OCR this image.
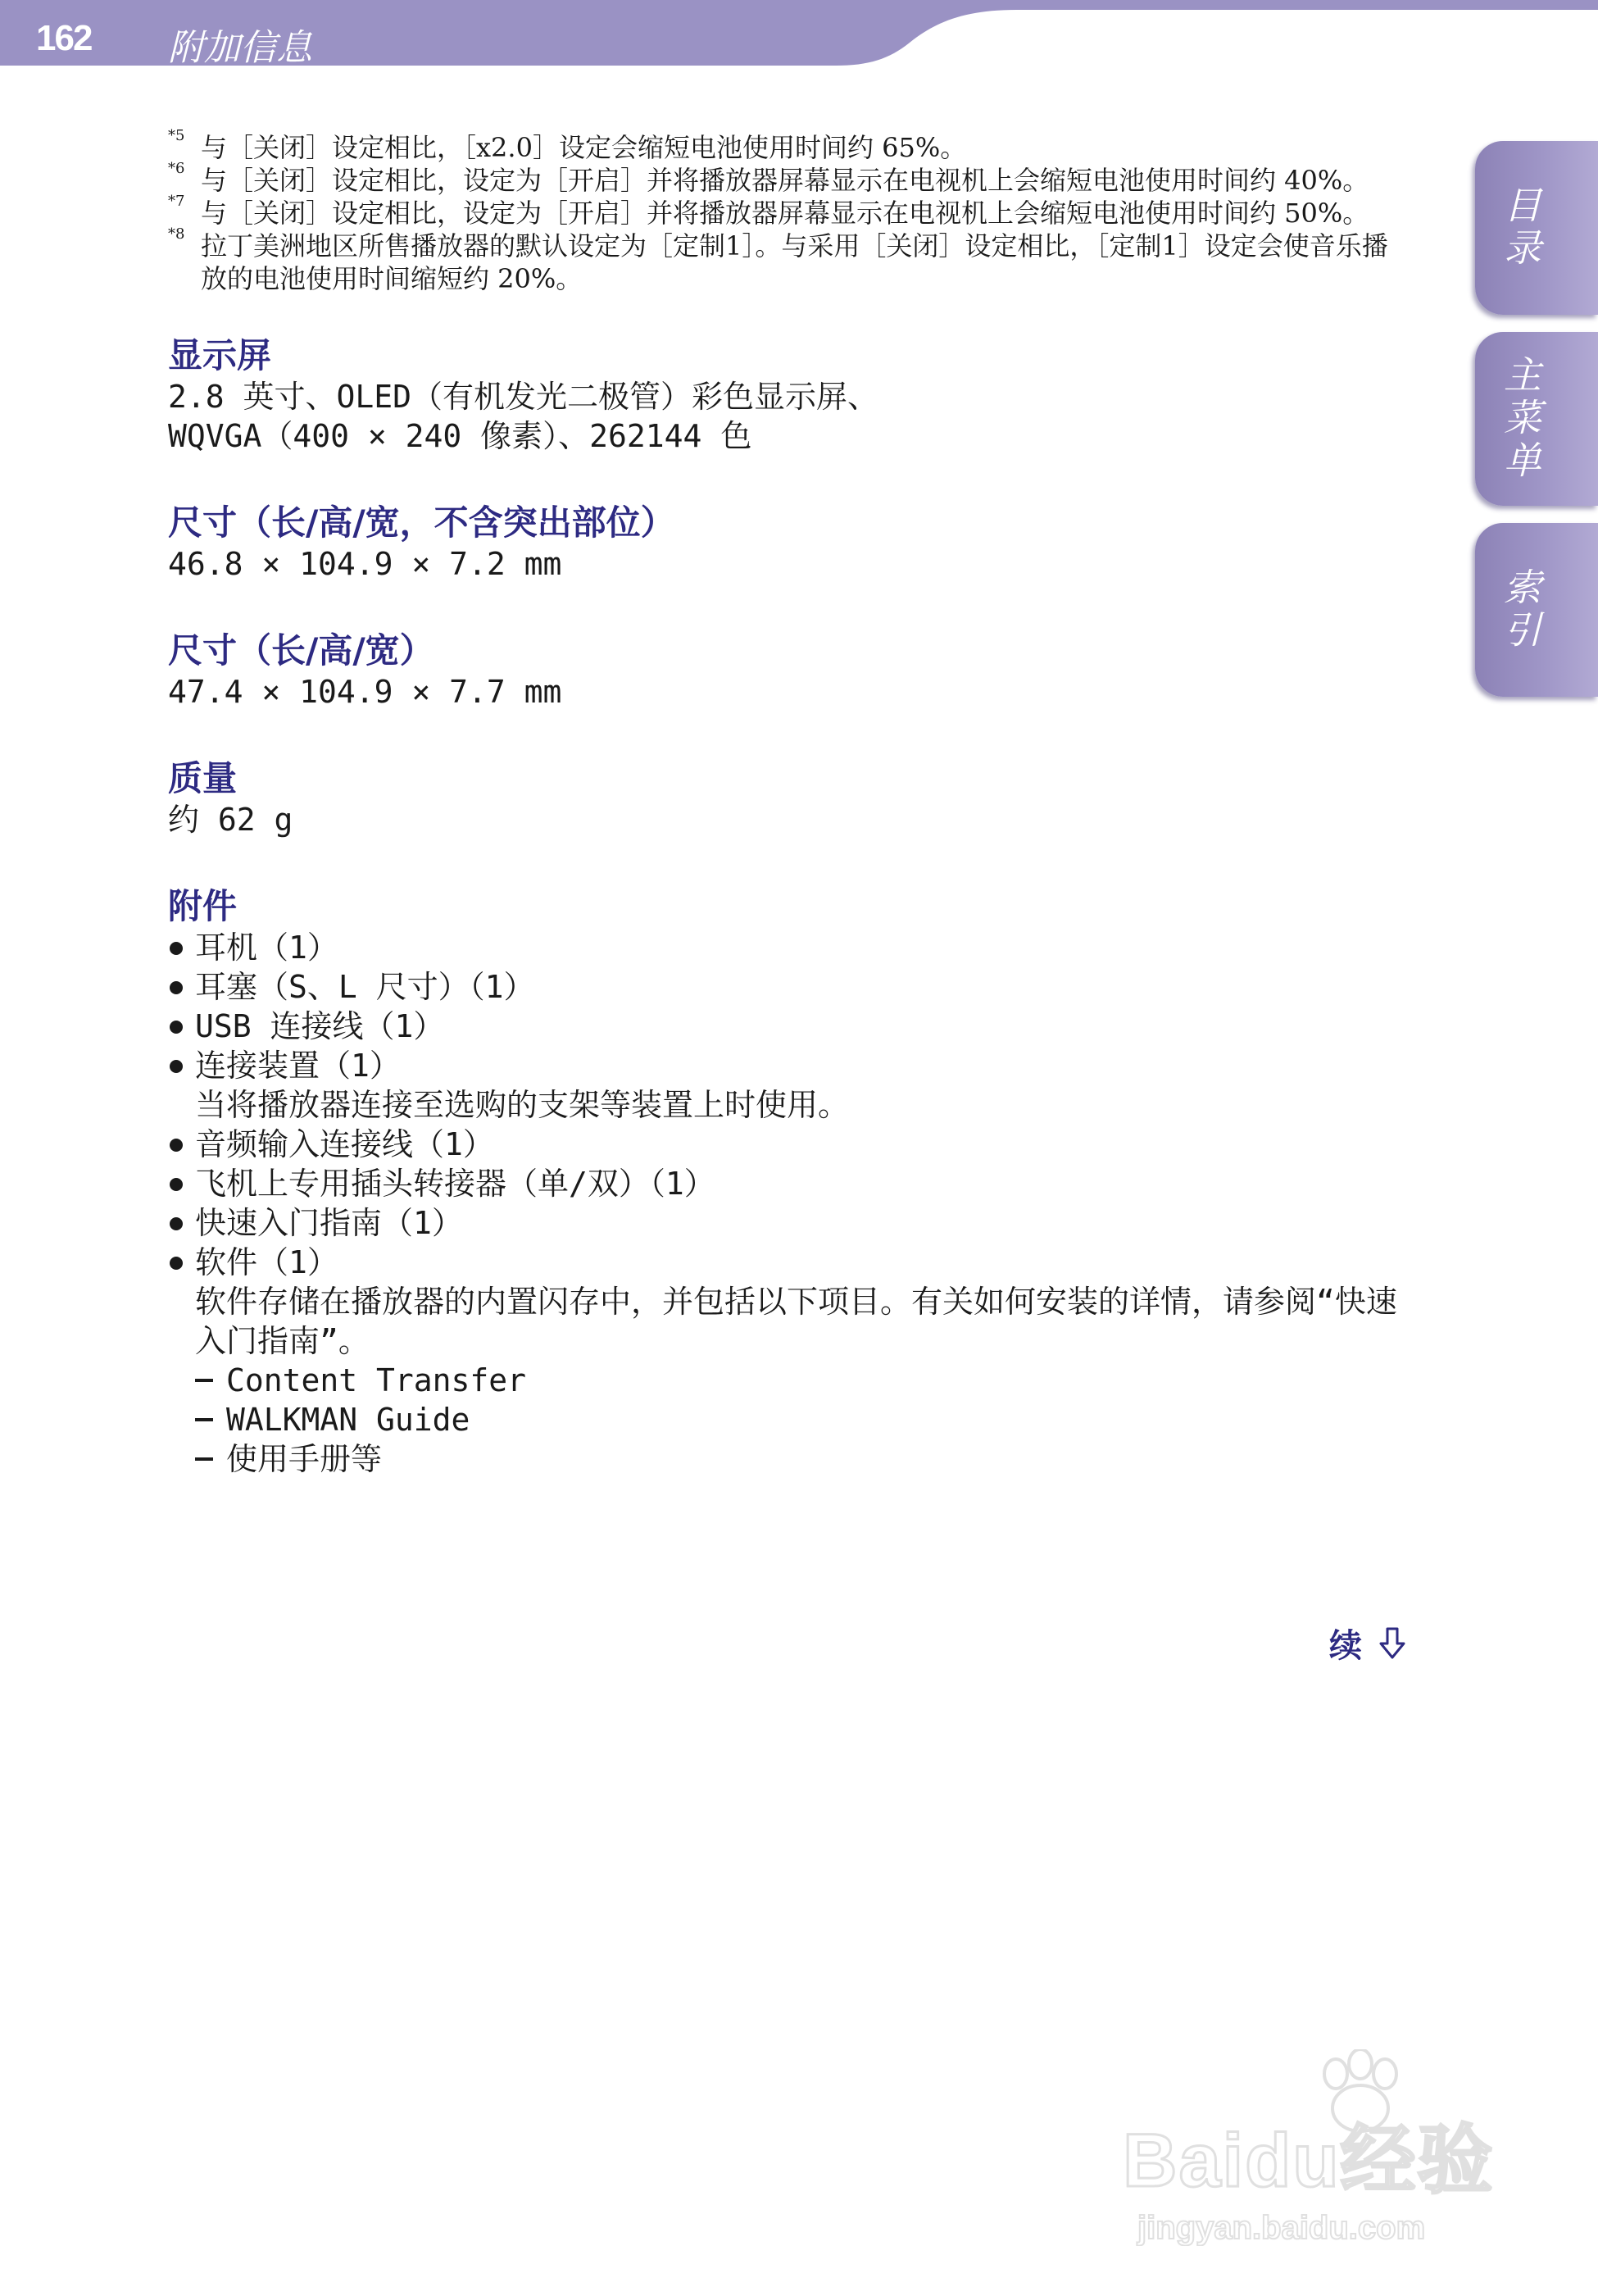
162 附加信息
目录
主菜单
索引
*5 与［关闭］设定相比，［x2.0］设定会缩短电池使用时间约 65%。
*6 与［关闭］设定相比，设定为［开启］并将播放器屏幕显示在电视机上会缩短电池使用时间约 40%。
*7 与［关闭］设定相比，设定为［开启］并将播放器屏幕显示在电视机上会缩短电池使用时间约 50%。
*8 拉丁美洲地区所售播放器的默认设定为［定制1］。与采用［关闭］设定相比，［定制1］设定会使音乐播放的电池使用时间缩短约 20%。
显示屏

2.8 英寸、OLED（有机发光二极管）彩色显示屏、

WQVGA（400 × 240 像素）、262144 色

尺寸（长/高/宽，不含突出部位）

46.8 × 104.9 × 7.2 mm

尺寸（长/高/宽）

47.4 × 104.9 × 7.7 mm

质量

约 62 g

附件
耳机（1）
耳塞（S、L 尺寸）（1）
USB 连接线（1）
连接装置（1）

当将播放器连接至选购的支架等装置上时使用。

音频输入连接线（1）
飞机上专用插头转接器（单/双）（1）
快速入门指南（1）
软件（1）

软件存储在播放器的内置闪存中，并包括以下项目。有关如何安装的详情，请参阅“快速入门指南”。

Content Transfer

WALKMAN Guide

使用手册等

续
Baidu经验
jingyan.baidu.com
